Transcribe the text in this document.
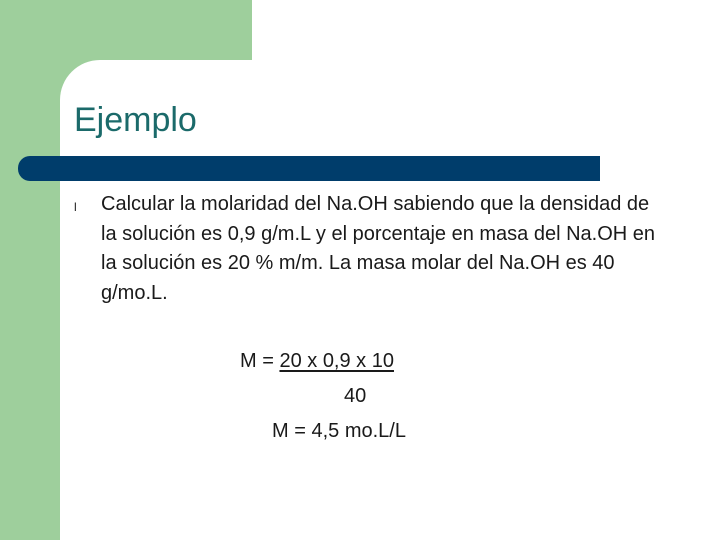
Ejemplo
l Calcular la molaridad del Na.OH sabiendo que la densidad de la solución es 0,9 g/m.L y el porcentaje en masa del Na.OH en la solución es 20 % m/m. La masa molar del Na.OH es 40 g/mo.L.

M = 20 x 0,9 x 10
40
M = 4,5 mo.L/L
